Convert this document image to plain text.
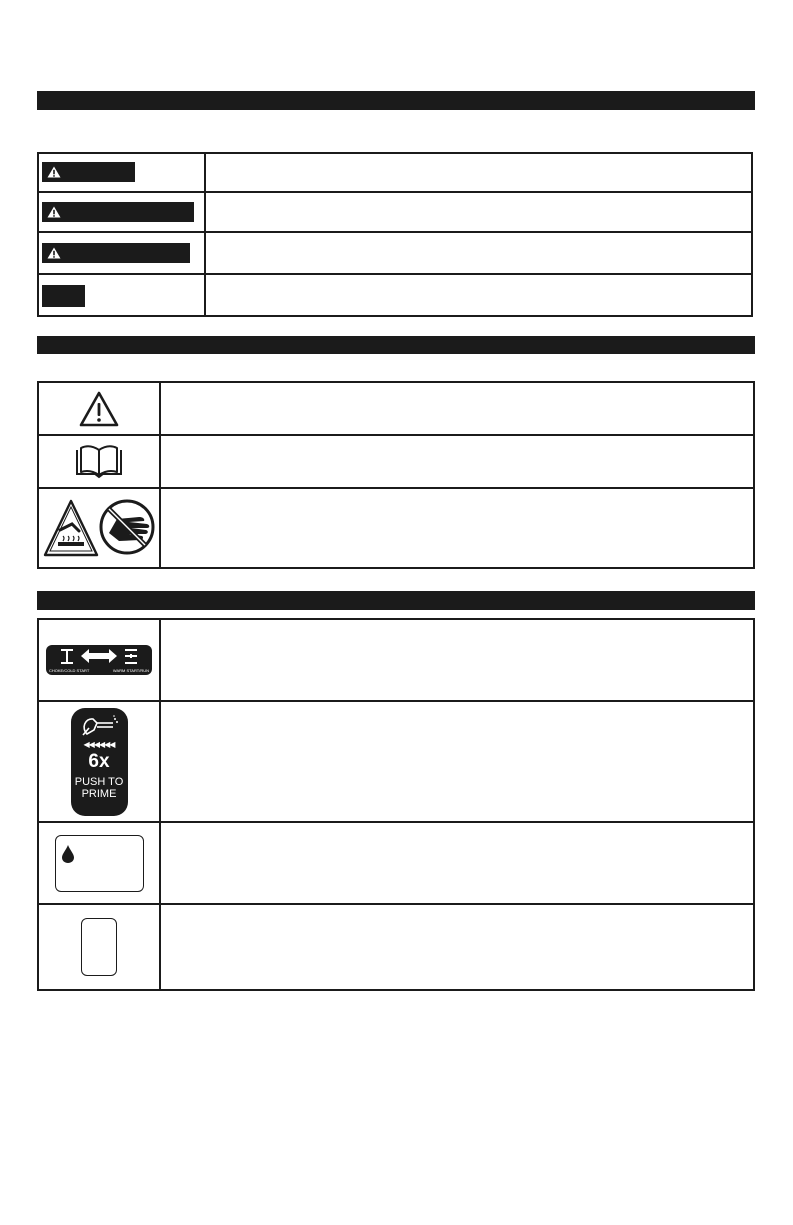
CHOKE/COLD START WARM START/RUN	

◀◀◀◀◀◀
6x
PUSH TO
PRIME	
